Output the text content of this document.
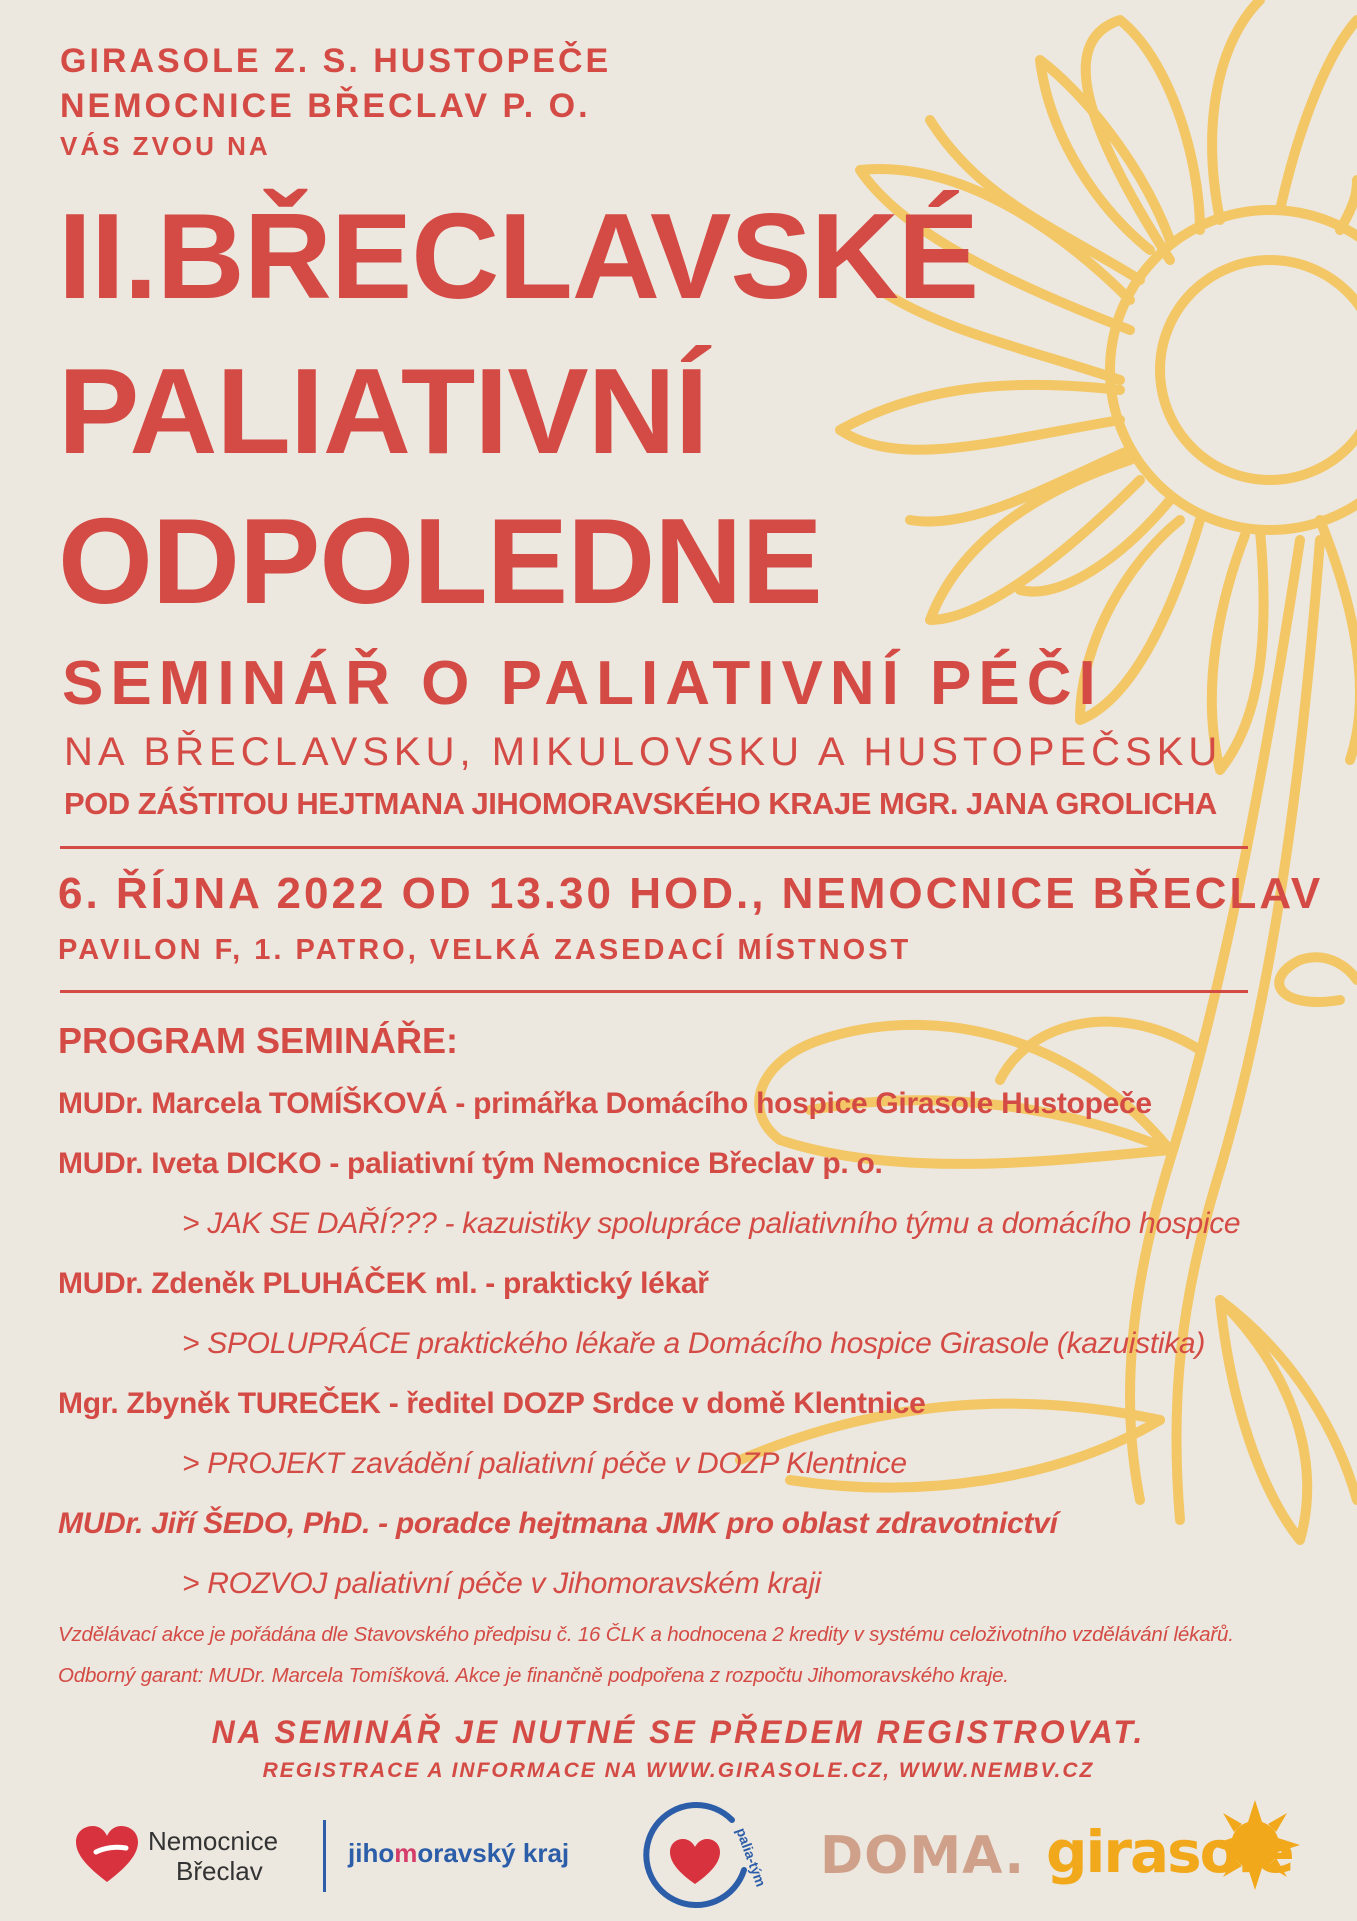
GIRASOLE Z. S. HUSTOPEČE
NEMOCNICE BŘECLAV P. O.
VÁS ZVOU NA
II.BŘECLAVSKÉ
PALIATIVNÍ
ODPOLEDNE
SEMINÁŘ O PALIATIVNÍ PÉČI
NA BŘECLAVSKU, MIKULOVSKU A HUSTOPEČSKU
POD ZÁŠTITOU HEJTMANA JIHOMORAVSKÉHO KRAJE MGR. JANA GROLICHA
6. ŘÍJNA 2022 OD 13.30 HOD., NEMOCNICE BŘECLAV
PAVILON F, 1. PATRO, VELKÁ ZASEDACÍ MÍSTNOST
PROGRAM SEMINÁŘE:
MUDr. Marcela TOMÍŠKOVÁ - primářka Domácího hospice Girasole Hustopeče
MUDr. Iveta DICKO - paliativní tým Nemocnice Břeclav p. o.
> JAK SE DAŘÍ??? - kazuistiky spolupráce paliativního týmu a domácího hospice
MUDr. Zdeněk PLUHÁČEK ml. - praktický lékař
> SPOLUPRÁCE praktického lékaře a Domácího hospice Girasole (kazuistika)
Mgr. Zbyněk TUREČEK - ředitel DOZP Srdce v domě Klentnice
> PROJEKT zavádění paliativní péče v DOZP Klentnice
MUDr. Jiří ŠEDO, PhD. - poradce hejtmana JMK pro oblast zdravotnictví
> ROZVOJ paliativní péče v Jihomoravském kraji
Vzdělávací akce je pořádána dle Stavovského předpisu č. 16 ČLK a hodnocena 2 kredity v systému celoživotního vzdělávání lékařů.
Odborný garant: MUDr. Marcela Tomíšková. Akce je finančně podpořena z rozpočtu Jihomoravského kraje.
NA SEMINÁŘ JE NUTNÉ SE PŘEDEM REGISTROVAT.
REGISTRACE A INFORMACE NA WWW.GIRASOLE.CZ, WWW.NEMBV.CZ
Nemocnice
Břeclav
jihomoravský kraj	palia-tým DOMA. girasole
